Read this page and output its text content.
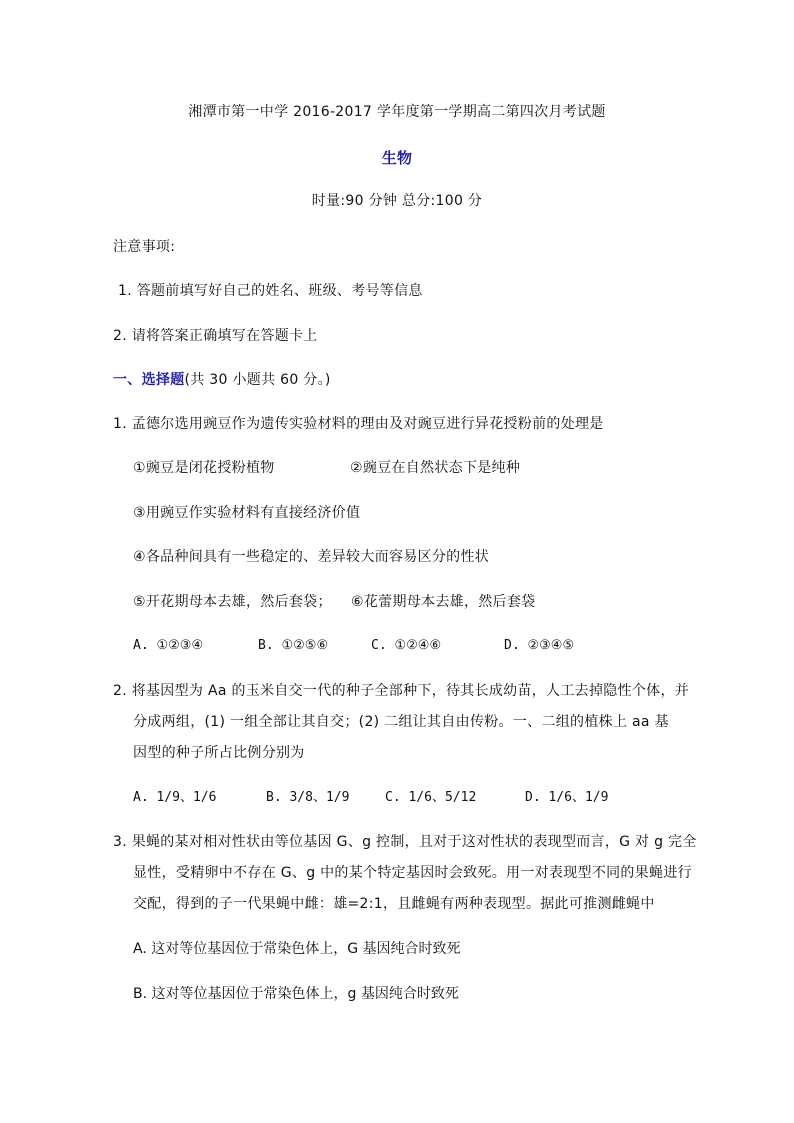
湘潭市第一中学 2016-2017 学年度第一学期高二第四次月考试题
生物
时量:90 分钟 总分:100 分
注意事项:
1. 答题前填写好自己的姓名、班级、考号等信息
2. 请将答案正确填写在答题卡上
一、选择题(共 30 小题共 60 分。)
1. 孟德尔选用豌豆作为遗传实验材料的理由及对豌豆进行异花授粉前的处理是
①豌豆是闭花授粉植物	②豌豆在自然状态下是纯种
③用豌豆作实验材料有直接经济价值
④各品种间具有一些稳定的、差异较大而容易区分的性状
⑤开花期母本去雄，然后套袋； ⑥花蕾期母本去雄，然后套袋
A. ①②③④	B. ①②⑤⑥	C. ①②④⑥	D. ②③④⑤
2. 将基因型为 Aa 的玉米自交一代的种子全部种下，待其长成幼苗，人工去掉隐性个体，并
分成两组，(1) 一组全部让其自交；(2) 二组让其自由传粉。一、二组的植株上 aa 基
因型的种子所占比例分别为
A. 1/9、1/6	B. 3/8、1/9	C. 1/6、5/12	D. 1/6、1/9
3. 果蝇的某对相对性状由等位基因 G、g 控制，且对于这对性状的表现型而言，G 对 g 完全
显性，受精卵中不存在 G、g 中的某个特定基因时会致死。用一对表现型不同的果蝇进行
交配，得到的子一代果蝇中雌：雄=2:1，且雌蝇有两种表现型。据此可推测雌蝇中
A. 这对等位基因位于常染色体上，G 基因纯合时致死
B. 这对等位基因位于常染色体上，g 基因纯合时致死
